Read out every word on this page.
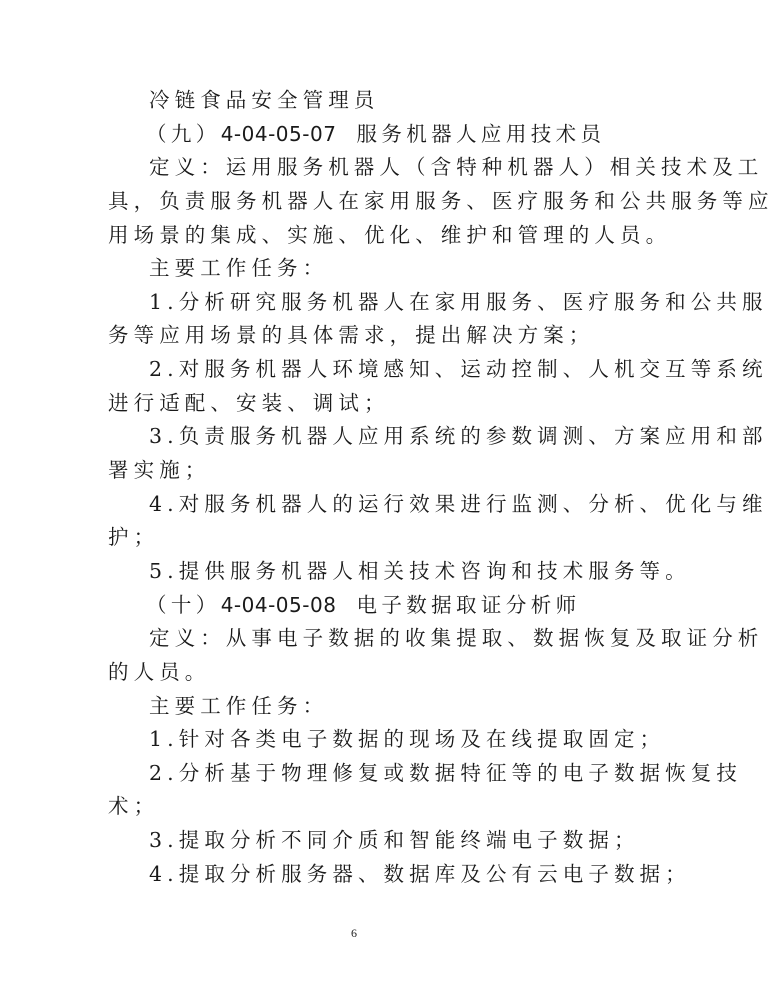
冷链食品安全管理员
（九）4-04-05-07 服务机器人应用技术员
定义：运用服务机器人（含特种机器人）相关技术及工
具，负责服务机器人在家用服务、医疗服务和公共服务等应
用场景的集成、实施、优化、维护和管理的人员。
主要工作任务：
1.分析研究服务机器人在家用服务、医疗服务和公共服
务等应用场景的具体需求，提出解决方案；
2.对服务机器人环境感知、运动控制、人机交互等系统
进行适配、安装、调试；
3.负责服务机器人应用系统的参数调测、方案应用和部
署实施；
4.对服务机器人的运行效果进行监测、分析、优化与维
护；
5.提供服务机器人相关技术咨询和技术服务等。
（十）4-04-05-08 电子数据取证分析师
定义：从事电子数据的收集提取、数据恢复及取证分析
的人员。
主要工作任务：
1.针对各类电子数据的现场及在线提取固定；
2.分析基于物理修复或数据特征等的电子数据恢复技
术；
3.提取分析不同介质和智能终端电子数据；
4.提取分析服务器、数据库及公有云电子数据；
6
